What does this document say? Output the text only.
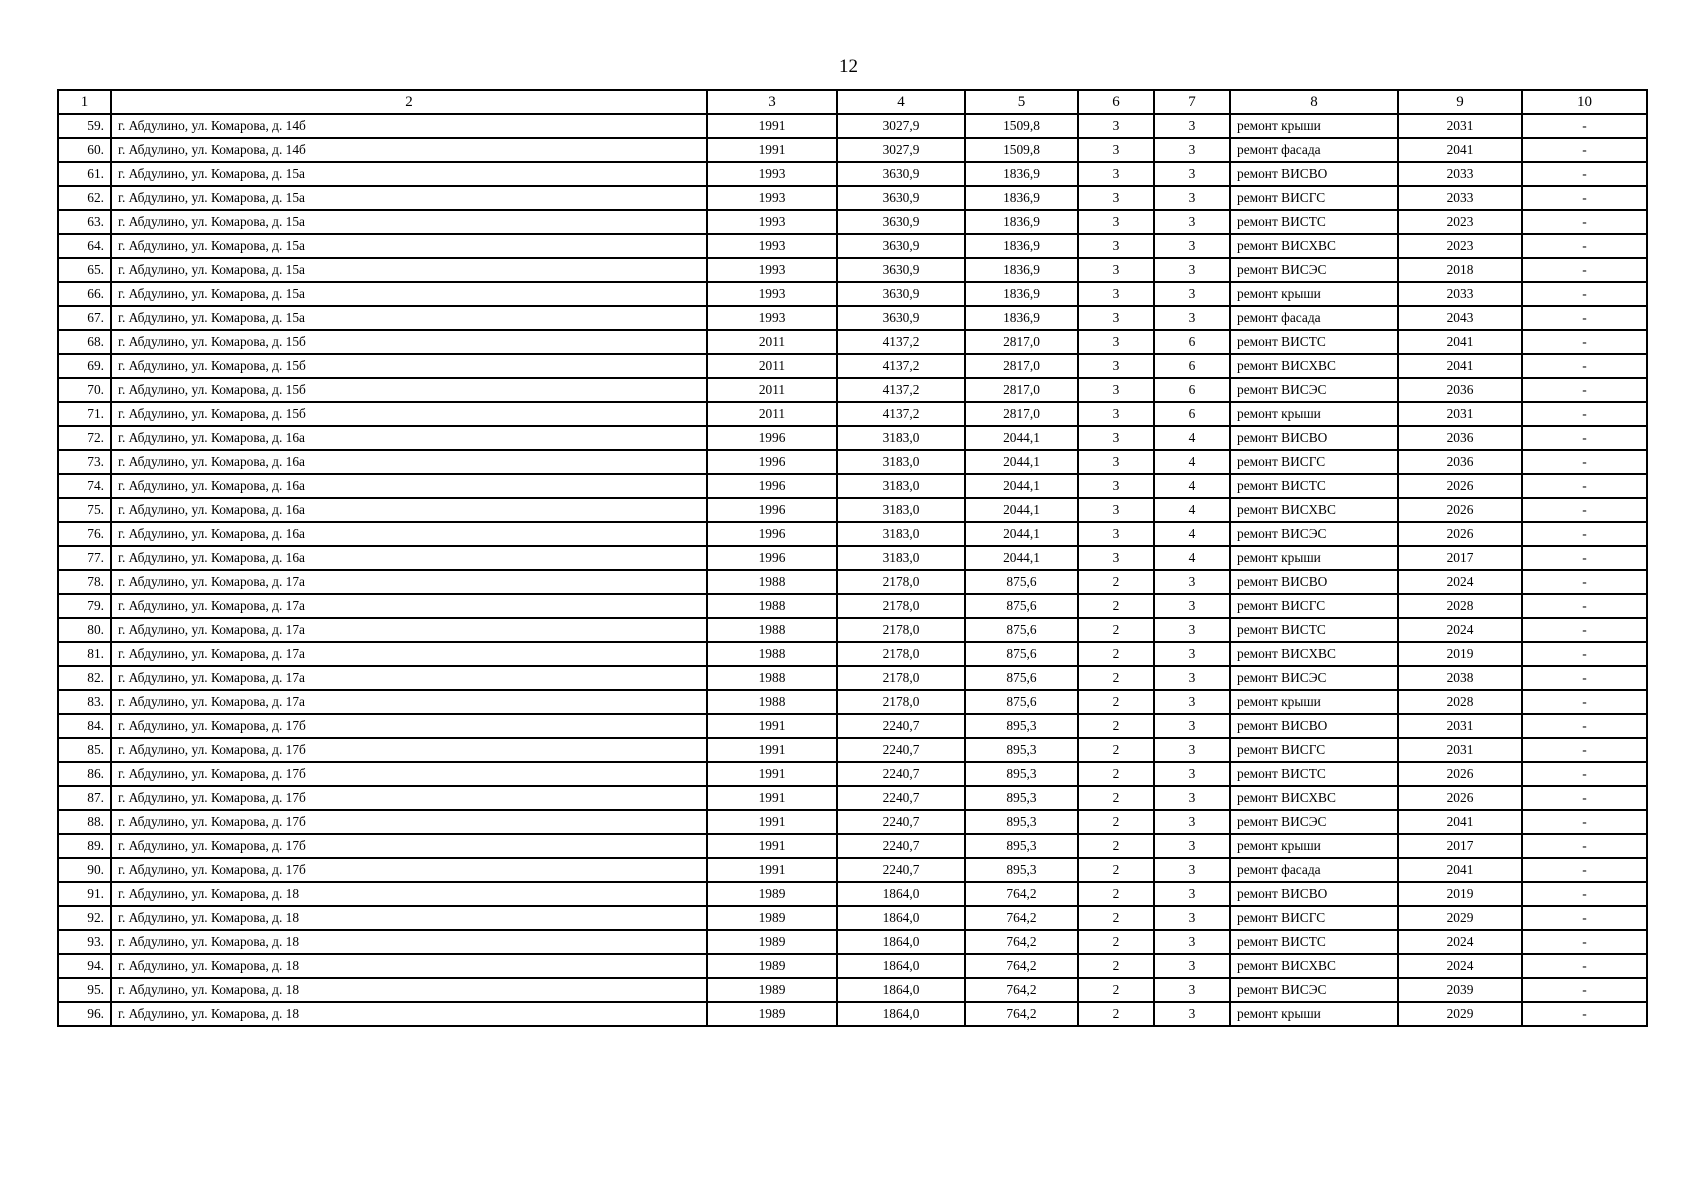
12
1	2	3	4	5	6	7	8	9	10
59.	г. Абдулино, ул. Комарова, д. 14б	1991	3027,9	1509,8	3	3	ремонт крыши	2031	-
60.	г. Абдулино, ул. Комарова, д. 14б	1991	3027,9	1509,8	3	3	ремонт фасада	2041	-
61.	г. Абдулино, ул. Комарова, д. 15а	1993	3630,9	1836,9	3	3	ремонт ВИСВО	2033	-
62.	г. Абдулино, ул. Комарова, д. 15а	1993	3630,9	1836,9	3	3	ремонт ВИСГС	2033	-
63.	г. Абдулино, ул. Комарова, д. 15а	1993	3630,9	1836,9	3	3	ремонт ВИСТС	2023	-
64.	г. Абдулино, ул. Комарова, д. 15а	1993	3630,9	1836,9	3	3	ремонт ВИСХВС	2023	-
65.	г. Абдулино, ул. Комарова, д. 15а	1993	3630,9	1836,9	3	3	ремонт ВИСЭС	2018	-
66.	г. Абдулино, ул. Комарова, д. 15а	1993	3630,9	1836,9	3	3	ремонт крыши	2033	-
67.	г. Абдулино, ул. Комарова, д. 15а	1993	3630,9	1836,9	3	3	ремонт фасада	2043	-
68.	г. Абдулино, ул. Комарова, д. 15б	2011	4137,2	2817,0	3	6	ремонт ВИСТС	2041	-
69.	г. Абдулино, ул. Комарова, д. 15б	2011	4137,2	2817,0	3	6	ремонт ВИСХВС	2041	-
70.	г. Абдулино, ул. Комарова, д. 15б	2011	4137,2	2817,0	3	6	ремонт ВИСЭС	2036	-
71.	г. Абдулино, ул. Комарова, д. 15б	2011	4137,2	2817,0	3	6	ремонт крыши	2031	-
72.	г. Абдулино, ул. Комарова, д. 16а	1996	3183,0	2044,1	3	4	ремонт ВИСВО	2036	-
73.	г. Абдулино, ул. Комарова, д. 16а	1996	3183,0	2044,1	3	4	ремонт ВИСГС	2036	-
74.	г. Абдулино, ул. Комарова, д. 16а	1996	3183,0	2044,1	3	4	ремонт ВИСТС	2026	-
75.	г. Абдулино, ул. Комарова, д. 16а	1996	3183,0	2044,1	3	4	ремонт ВИСХВС	2026	-
76.	г. Абдулино, ул. Комарова, д. 16а	1996	3183,0	2044,1	3	4	ремонт ВИСЭС	2026	-
77.	г. Абдулино, ул. Комарова, д. 16а	1996	3183,0	2044,1	3	4	ремонт крыши	2017	-
78.	г. Абдулино, ул. Комарова, д. 17а	1988	2178,0	875,6	2	3	ремонт ВИСВО	2024	-
79.	г. Абдулино, ул. Комарова, д. 17а	1988	2178,0	875,6	2	3	ремонт ВИСГС	2028	-
80.	г. Абдулино, ул. Комарова, д. 17а	1988	2178,0	875,6	2	3	ремонт ВИСТС	2024	-
81.	г. Абдулино, ул. Комарова, д. 17а	1988	2178,0	875,6	2	3	ремонт ВИСХВС	2019	-
82.	г. Абдулино, ул. Комарова, д. 17а	1988	2178,0	875,6	2	3	ремонт ВИСЭС	2038	-
83.	г. Абдулино, ул. Комарова, д. 17а	1988	2178,0	875,6	2	3	ремонт крыши	2028	-
84.	г. Абдулино, ул. Комарова, д. 17б	1991	2240,7	895,3	2	3	ремонт ВИСВО	2031	-
85.	г. Абдулино, ул. Комарова, д. 17б	1991	2240,7	895,3	2	3	ремонт ВИСГС	2031	-
86.	г. Абдулино, ул. Комарова, д. 17б	1991	2240,7	895,3	2	3	ремонт ВИСТС	2026	-
87.	г. Абдулино, ул. Комарова, д. 17б	1991	2240,7	895,3	2	3	ремонт ВИСХВС	2026	-
88.	г. Абдулино, ул. Комарова, д. 17б	1991	2240,7	895,3	2	3	ремонт ВИСЭС	2041	-
89.	г. Абдулино, ул. Комарова, д. 17б	1991	2240,7	895,3	2	3	ремонт крыши	2017	-
90.	г. Абдулино, ул. Комарова, д. 17б	1991	2240,7	895,3	2	3	ремонт фасада	2041	-
91.	г. Абдулино, ул. Комарова, д. 18	1989	1864,0	764,2	2	3	ремонт ВИСВО	2019	-
92.	г. Абдулино, ул. Комарова, д. 18	1989	1864,0	764,2	2	3	ремонт ВИСГС	2029	-
93.	г. Абдулино, ул. Комарова, д. 18	1989	1864,0	764,2	2	3	ремонт ВИСТС	2024	-
94.	г. Абдулино, ул. Комарова, д. 18	1989	1864,0	764,2	2	3	ремонт ВИСХВС	2024	-
95.	г. Абдулино, ул. Комарова, д. 18	1989	1864,0	764,2	2	3	ремонт ВИСЭС	2039	-
96.	г. Абдулино, ул. Комарова, д. 18	1989	1864,0	764,2	2	3	ремонт крыши	2029	-
